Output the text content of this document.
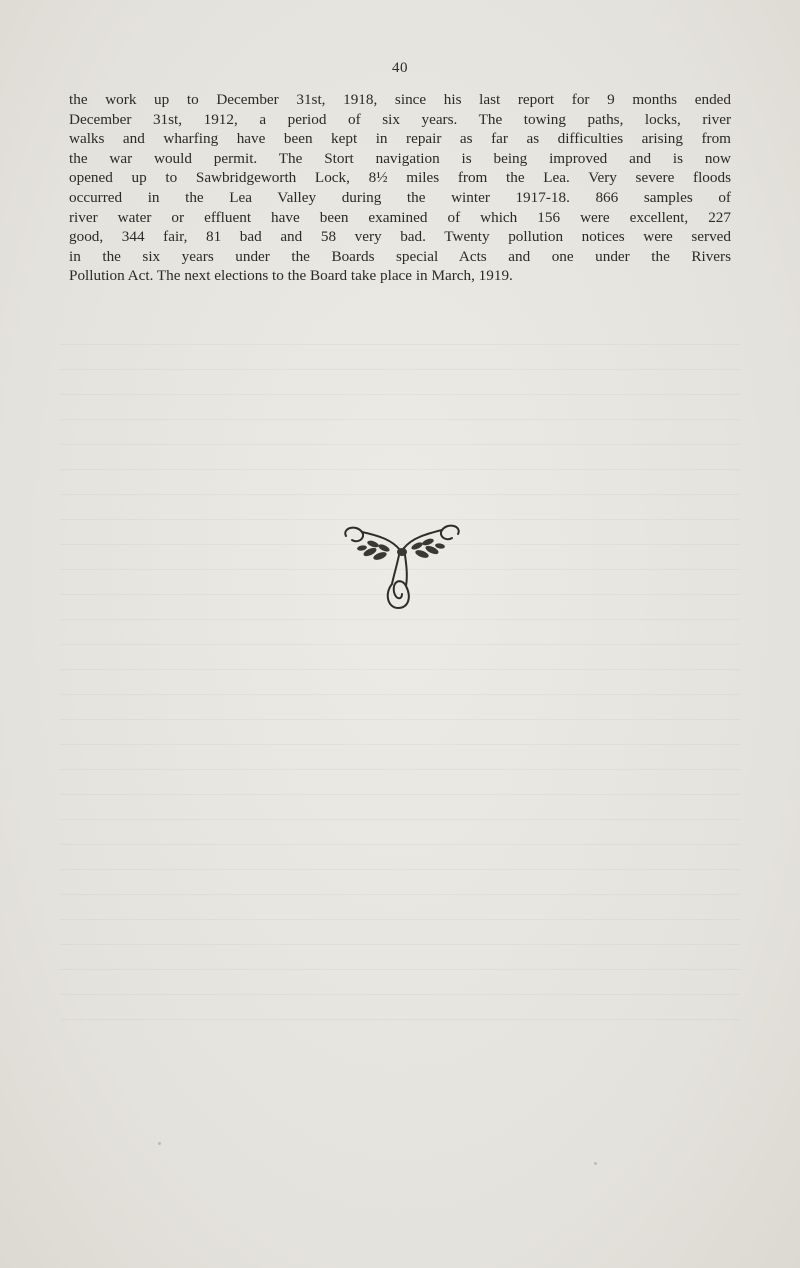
40
the work up to December 31st, 1918, since his last report for 9 months ended
December 31st, 1912, a period of six years. The towing paths, locks, river
walks and wharfing have been kept in repair as far as difficulties arising from
the war would permit. The Stort navigation is being improved and is now
opened up to Sawbridgeworth Lock, 8½ miles from the Lea. Very severe floods
occurred in the Lea Valley during the winter 1917-18. 866 samples of
river water or effluent have been examined of which 156 were excellent, 227
good, 344 fair, 81 bad and 58 very bad. Twenty pollution notices were served
in the six years under the Boards special Acts and one under the Rivers
Pollution Act. The next elections to the Board take place in March, 1919.
